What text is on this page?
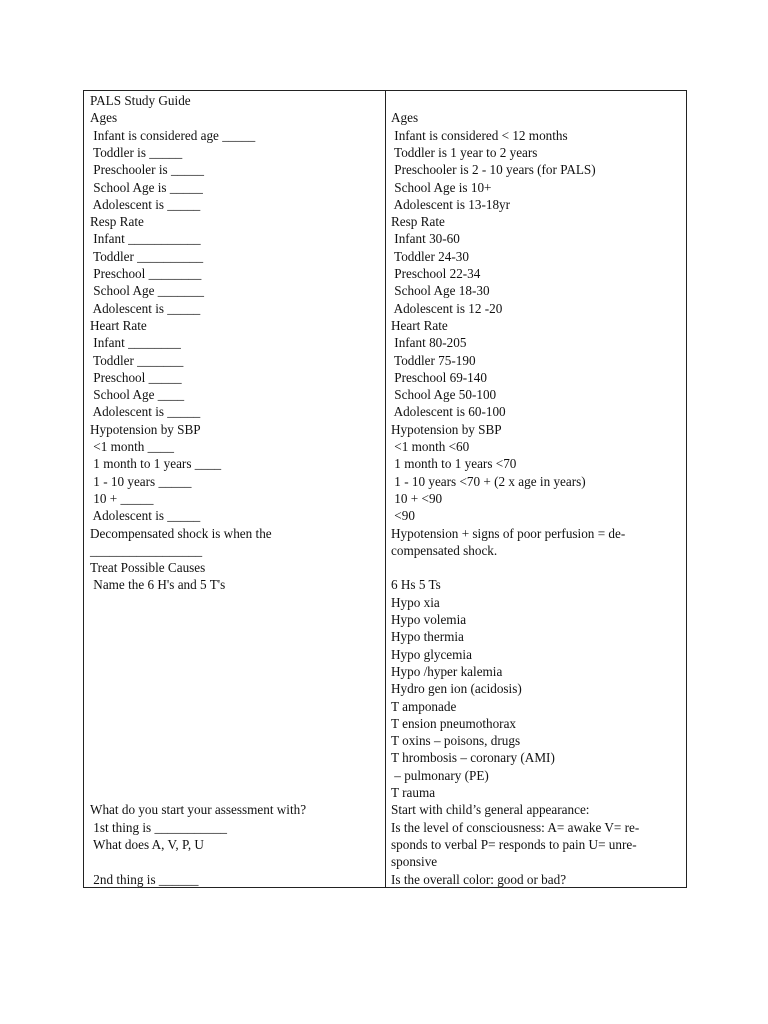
PALS Study Guide
Ages
Infant is considered age _____
Toddler is _____
Preschooler is _____
School Age is _____
Adolescent is _____
Resp Rate
Infant ___________
Toddler __________
Preschool ________
School Age _______
Adolescent is _____
Heart Rate
Infant ________
Toddler _______
Preschool _____
School Age ____
Adolescent is _____
Hypotension by SBP
<1 month ____
1 month to 1 years ____
1 - 10 years _____
10 + _____
Adolescent is _____
Decompensated shock is when the
_________________
Treat Possible Causes
Name the 6 H's and 5 T's
What do you start your assessment with?
1st thing is ___________
What does A, V, P, U
2nd thing is ______
Ages
Infant is considered < 12 months
Toddler is 1 year to 2 years
Preschooler is 2 - 10 years (for PALS)
School Age is 10+
Adolescent is 13-18yr
Resp Rate
Infant 30-60
Toddler 24-30
Preschool 22-34
School Age 18-30
Adolescent is 12 -20
Heart Rate
Infant 80-205
Toddler 75-190
Preschool 69-140
School Age 50-100
Adolescent is 60-100
Hypotension by SBP
<1 month <60
1 month to 1 years <70
1 - 10 years <70 + (2 x age in years)
10 + <90
<90
Hypotension + signs of poor perfusion = de-
compensated shock.
6 Hs 5 Ts
Hypo xia
Hypo volemia
Hypo thermia
Hypo glycemia
Hypo /hyper kalemia
Hydro gen ion (acidosis)
T amponade
T ension pneumothorax
T oxins – poisons, drugs
T hrombosis – coronary (AMI)
– pulmonary (PE)
T rauma
Start with child’s general appearance:
Is the level of consciousness: A= awake V= re-
sponds to verbal P= responds to pain U= unre-
sponsive
Is the overall color: good or bad?
